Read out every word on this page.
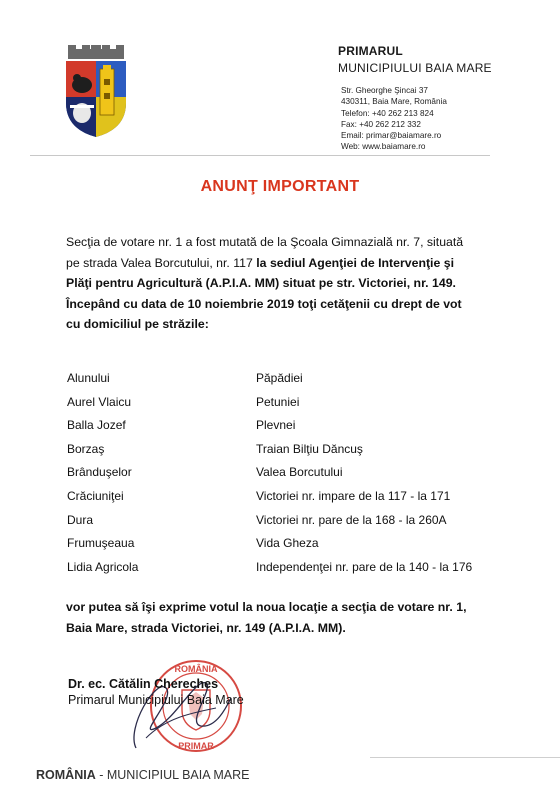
PRIMARUL
MUNICIPIULUI BAIA MARE
Str. Gheorghe Şincai 37
430311, Baia Mare, România
Telefon: +40 262 213 824
Fax: +40 262 212 332
Email: primar@baiamare.ro
Web: www.baiamare.ro
ANUNŢ IMPORTANT
Secţia de votare nr. 1 a fost mutată de la Şcoala Gimnazială nr. 7, situată
pe strada Valea Borcutului, nr. 117 la sediul Agenţiei de Intervenţie şi
Plăţi pentru Agricultură (A.P.I.A. MM) situat pe str. Victoriei, nr. 149.
Începând cu data de 10 noiembrie 2019 toţi cetăţenii cu drept de vot
cu domiciliul pe străzile:
Alunului
Aurel Vlaicu
Balla Jozef
Borzaş
Brânduşelor
Crăciuniţei
Dura
Frumuşeaua
Lidia Agricola
Păpădiei
Petuniei
Plevnei
Traian Bilţiu Dăncuş
Valea Borcutului
Victoriei nr. impare de la 117 - la 171
Victoriei nr. pare de la 168 - la 260A
Vida Gheza
Independenţei nr. pare de la 140 - la 176
vor putea să îşi exprime votul la noua locaţie a secţia de votare nr. 1,
Baia Mare, strada Victoriei, nr. 149 (A.P.I.A. MM).
ROMÂNIA
PRIMAR
Dr. ec. Cătălin Chereches
Primarul Municipiului Baia Mare
ROMÂNIA - MUNICIPIUL BAIA MARE
